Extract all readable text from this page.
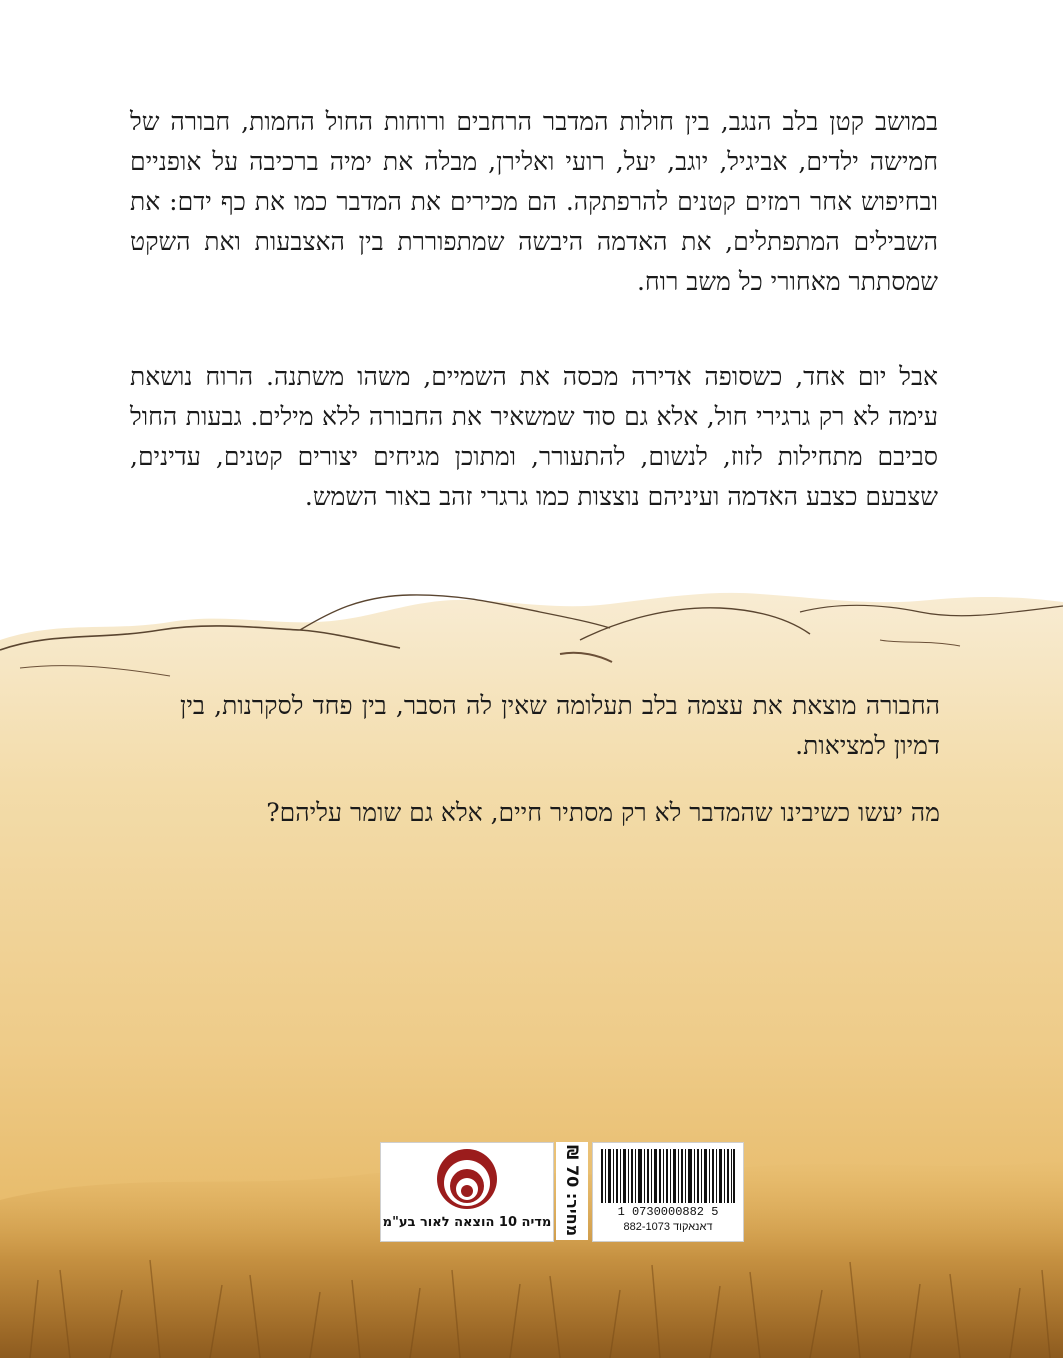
במושב קטן בלב הנגב, בין חולות המדבר הרחבים ורוחות החול החמות, חבורה של חמישה ילדים, אביגיל, יוגב, יעל, רועי ואלירן, מבלה את ימיה ברכיבה על אופניים ובחיפוש אחר רמזים קטנים להרפתקה. הם מכירים את המדבר כמו את כף ידם: את השבילים המתפתלים, את האדמה היבשה שמתפוררת בין האצבעות ואת השקט שמסתתר מאחורי כל משב רוח.

אבל יום אחד, כשסופה אדירה מכסה את השמיים, משהו משתנה. הרוח נושאת עימה לא רק גרגירי חול, אלא גם סוד שמשאיר את החבורה ללא מילים. גבעות החול סביבם מתחילות לזוז, לנשום, להתעורר, ומתוכן מגיחים יצורים קטנים, עדינים, שצבעם כצבע האדמה ועיניהם נוצצות כמו גרגרי זהב באור השמש.

החבורה מוצאת את עצמה בלב תעלומה שאין לה הסבר, בין פחד לסקרנות, בין דמיון למציאות.

מה יעשו כשיבינו שהמדבר לא רק מסתיר חיים, אלא גם שומר עליהם?

מדיה 10 הוצאה לאור בע"מ
מחיר: 70 ₪	1 0730000882 5
דאנאקוד 882-1073
